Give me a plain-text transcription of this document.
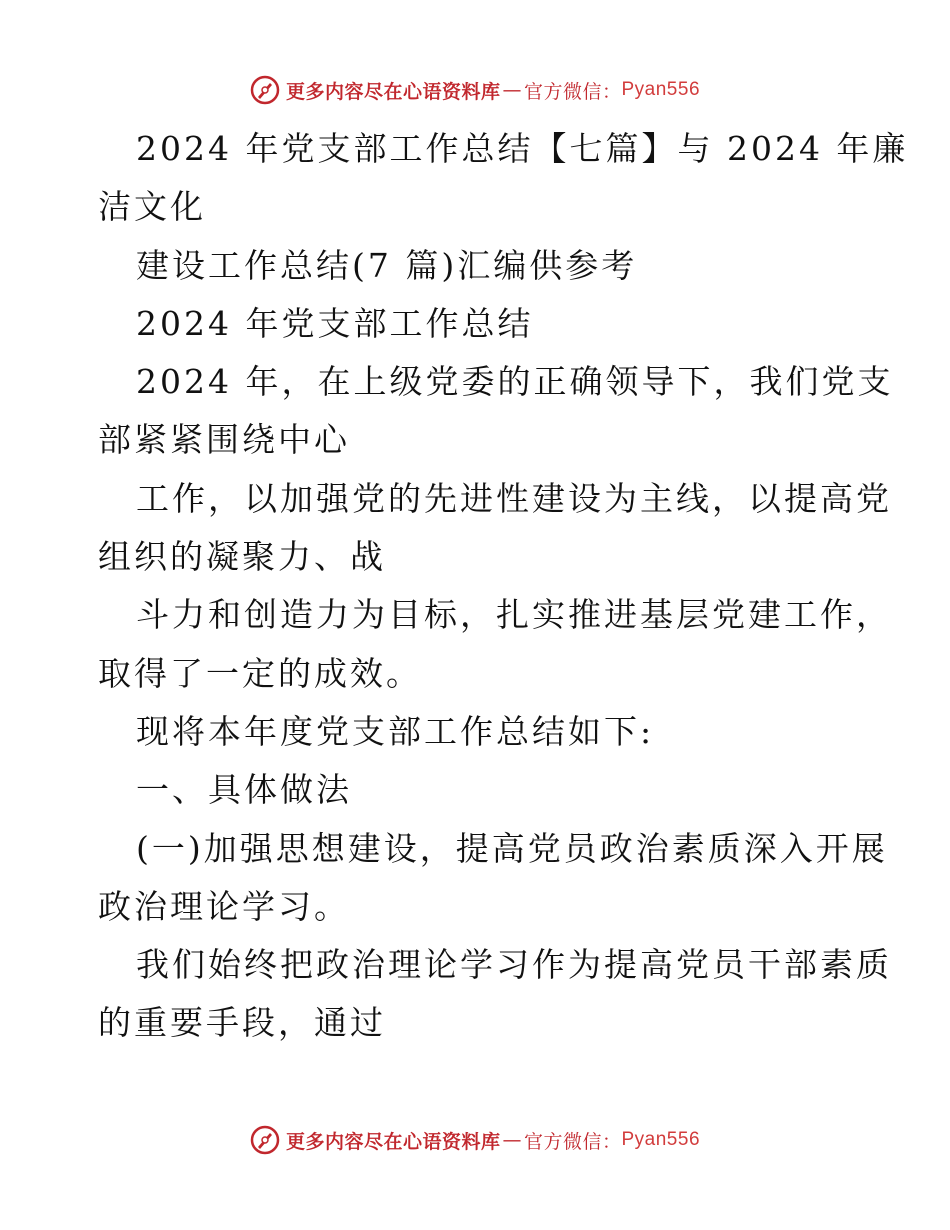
更多内容尽在心语资料库 — 官方微信： Pyan556
2024 年党支部工作总结【七篇】与 2024 年廉
洁文化
建设工作总结(7 篇)汇编供参考
2024 年党支部工作总结
2024 年，在上级党委的正确领导下，我们党支
部紧紧围绕中心
工作，以加强党的先进性建设为主线，以提高党
组织的凝聚力、战
斗力和创造力为目标，扎实推进基层党建工作，
取得了一定的成效。
现将本年度党支部工作总结如下:
一、具体做法
(一)加强思想建设，提高党员政治素质深入开展
政治理论学习。
我们始终把政治理论学习作为提高党员干部素质
的重要手段，通过
更多内容尽在心语资料库 — 官方微信： Pyan556
